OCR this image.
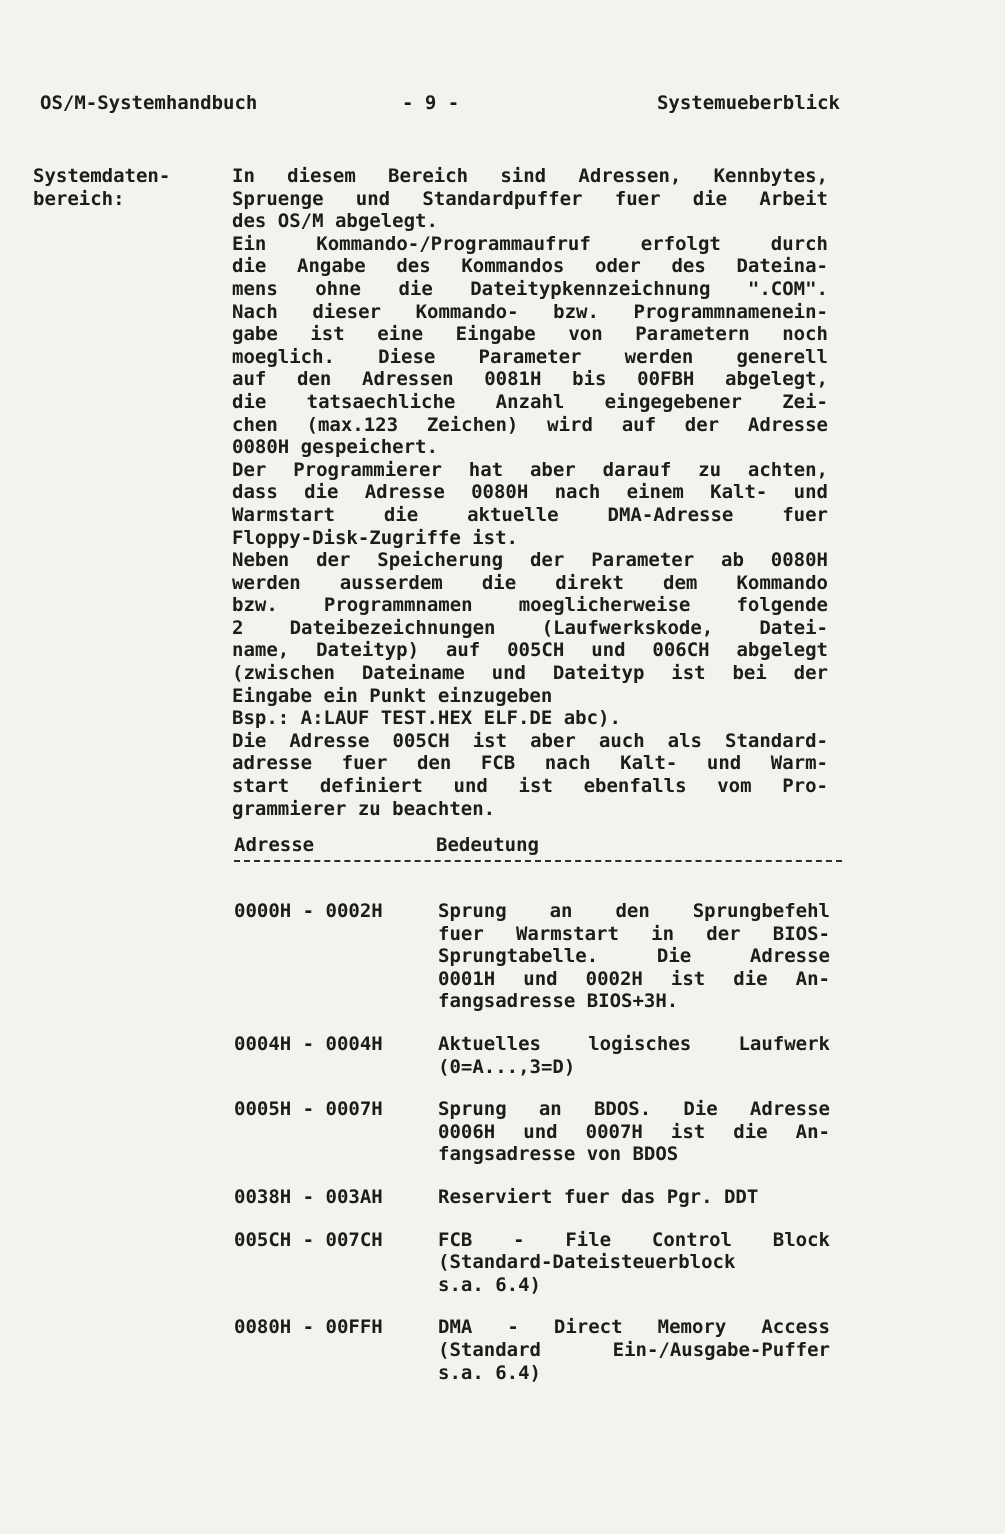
OS/M-Systemhandbuch	- 9 -	Systemueberblick
Systemdaten-
bereich:
In diesem Bereich sind Adressen, Kennbytes,
Spruenge und Standardpuffer fuer die Arbeit
des OS/M abgelegt.
Ein Kommando-/Programmaufruf erfolgt durch
die Angabe des Kommandos oder des Dateina-
mens ohne die Dateitypkennzeichnung ".COM".
Nach dieser Kommando- bzw. Programmnamenein-
gabe ist eine Eingabe von Parametern noch
moeglich. Diese Parameter werden generell
auf den Adressen 0081H bis 00FBH abgelegt,
die tatsaechliche Anzahl eingegebener Zei-
chen (max.123 Zeichen) wird auf der Adresse
0080H gespeichert.
Der Programmierer hat aber darauf zu achten,
dass die Adresse 0080H nach einem Kalt- und
Warmstart die aktuelle DMA-Adresse fuer
Floppy-Disk-Zugriffe ist.
Neben der Speicherung der Parameter ab 0080H
werden ausserdem die direkt dem Kommando
bzw. Programmnamen moeglicherweise folgende
2 Dateibezeichnungen (Laufwerkskode, Datei-
name, Dateityp) auf 005CH und 006CH abgelegt
(zwischen Dateiname und Dateityp ist bei der
Eingabe ein Punkt einzugeben
Bsp.: A:LAUF TEST.HEX ELF.DE abc).
Die Adresse 005CH ist aber auch als Standard-
adresse fuer den FCB nach Kalt- und Warm-
start definiert und ist ebenfalls vom Pro-
grammierer zu beachten.
Adresse	Bedeutung
0000H - 0002H	Sprung an den Sprungbefehl
fuer Warmstart in der BIOS-
Sprungtabelle. Die Adresse
0001H und 0002H ist die An-
fangsadresse BIOS+3H.
0004H - 0004H	Aktuelles logisches Laufwerk
(0=A...,3=D)
0005H - 0007H	Sprung an BDOS. Die Adresse
0006H und 0007H ist die An-
fangsadresse von BDOS
0038H - 003AH	Reserviert fuer das Pgr. DDT
005CH - 007CH	FCB - File Control Block
(Standard-Dateisteuerblock
s.a. 6.4)
0080H - 00FFH	DMA - Direct Memory Access
(Standard Ein-/Ausgabe-Puffer
s.a. 6.4)
